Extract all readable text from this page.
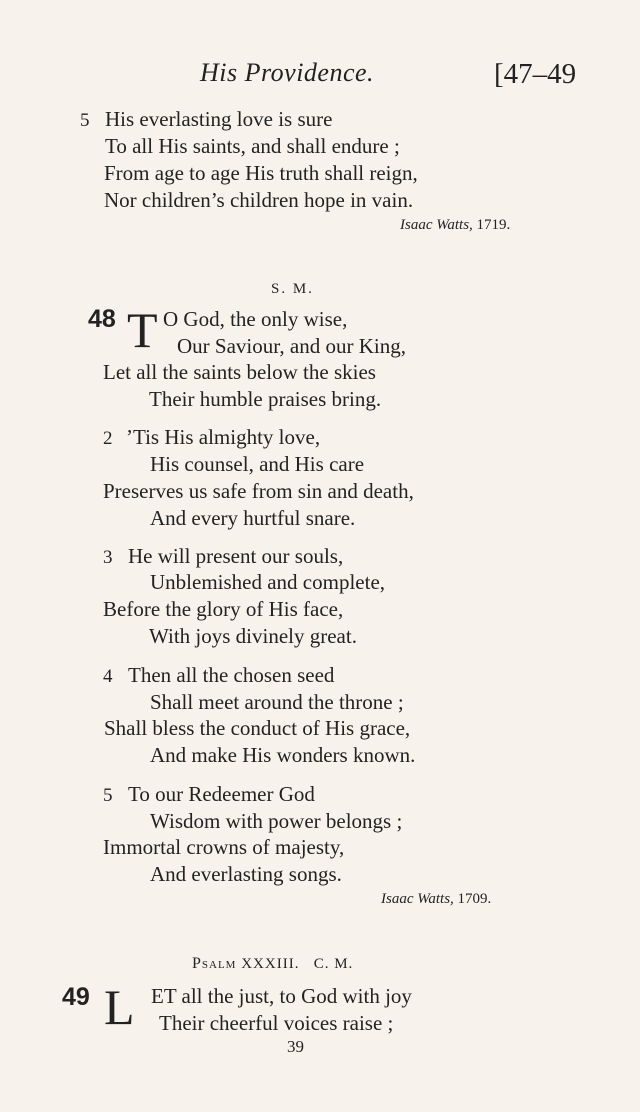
His Providence.	[47–49
5 His everlasting love is sure
To all His saints, and shall endure ;
From age to age His truth shall reign,
Nor children’s children hope in vain.
Isaac Watts, 1719.
S. M.
48 T O God, the only wise,
Our Saviour, and our King,
Let all the saints below the skies
Their humble praises bring.
2 ’Tis His almighty love,
His counsel, and His care
Preserves us safe from sin and death,
And every hurtful snare.
3 He will present our souls,
Unblemished and complete,
Before the glory of His face,
With joys divinely great.
4 Then all the chosen seed
Shall meet around the throne ;
Shall bless the conduct of His grace,
And make His wonders known.
5 To our Redeemer God
Wisdom with power belongs ;
Immortal crowns of majesty,
And everlasting songs.
Isaac Watts, 1709.
Psalm XXXIII.   C. M.
49 L ET all the just, to God with joy
Their cheerful voices raise ;
39
